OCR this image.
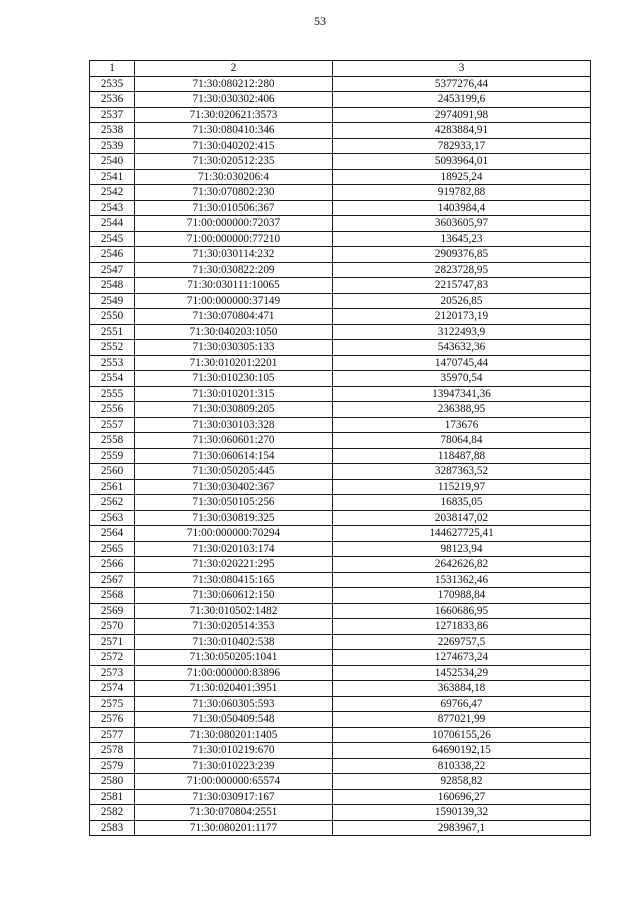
53
1	2	3
2535	71:30:080212:280	5377276,44
2536	71:30:030302:406	2453199,6
2537	71:30:020621:3573	2974091,98
2538	71:30:080410:346	4283884,91
2539	71:30:040202:415	782933,17
2540	71:30:020512:235	5093964,01
2541	71:30:030206:4	18925,24
2542	71:30:070802:230	919782,88
2543	71:30:010506:367	1403984,4
2544	71:00:000000:72037	3603605,97
2545	71:00:000000:77210	13645,23
2546	71:30:030114:232	2909376,85
2547	71:30:030822:209	2823728,95
2548	71:30:030111:10065	2215747,83
2549	71:00:000000:37149	20526,85
2550	71:30:070804:471	2120173,19
2551	71:30:040203:1050	3122493,9
2552	71:30:030305:133	543632,36
2553	71:30:010201:2201	1470745,44
2554	71:30:010230:105	35970,54
2555	71:30:010201:315	13947341,36
2556	71:30:030809:205	236388,95
2557	71:30:030103:328	173676
2558	71:30:060601:270	78064,84
2559	71:30:060614:154	118487,88
2560	71:30:050205:445	3287363,52
2561	71:30:030402:367	115219,97
2562	71:30:050105:256	16835,05
2563	71:30:030819:325	2038147,02
2564	71:00:000000:70294	144627725,41
2565	71:30:020103:174	98123,94
2566	71:30:020221:295	2642626,82
2567	71:30:080415:165	1531362,46
2568	71:30:060612:150	170988,84
2569	71:30:010502:1482	1660686,95
2570	71:30:020514:353	1271833,86
2571	71:30:010402:538	2269757,5
2572	71:30:050205:1041	1274673,24
2573	71:00:000000:83896	1452534,29
2574	71:30:020401:3951	363884,18
2575	71:30:060305:593	69766,47
2576	71:30:050409:548	877021,99
2577	71:30:080201:1405	10706155,26
2578	71:30:010219:670	64690192,15
2579	71:30:010223:239	810338,22
2580	71:00:000000:65574	92858,82
2581	71:30:030917:167	160696,27
2582	71:30:070804:2551	1590139,32
2583	71:30:080201:1177	2983967,1
